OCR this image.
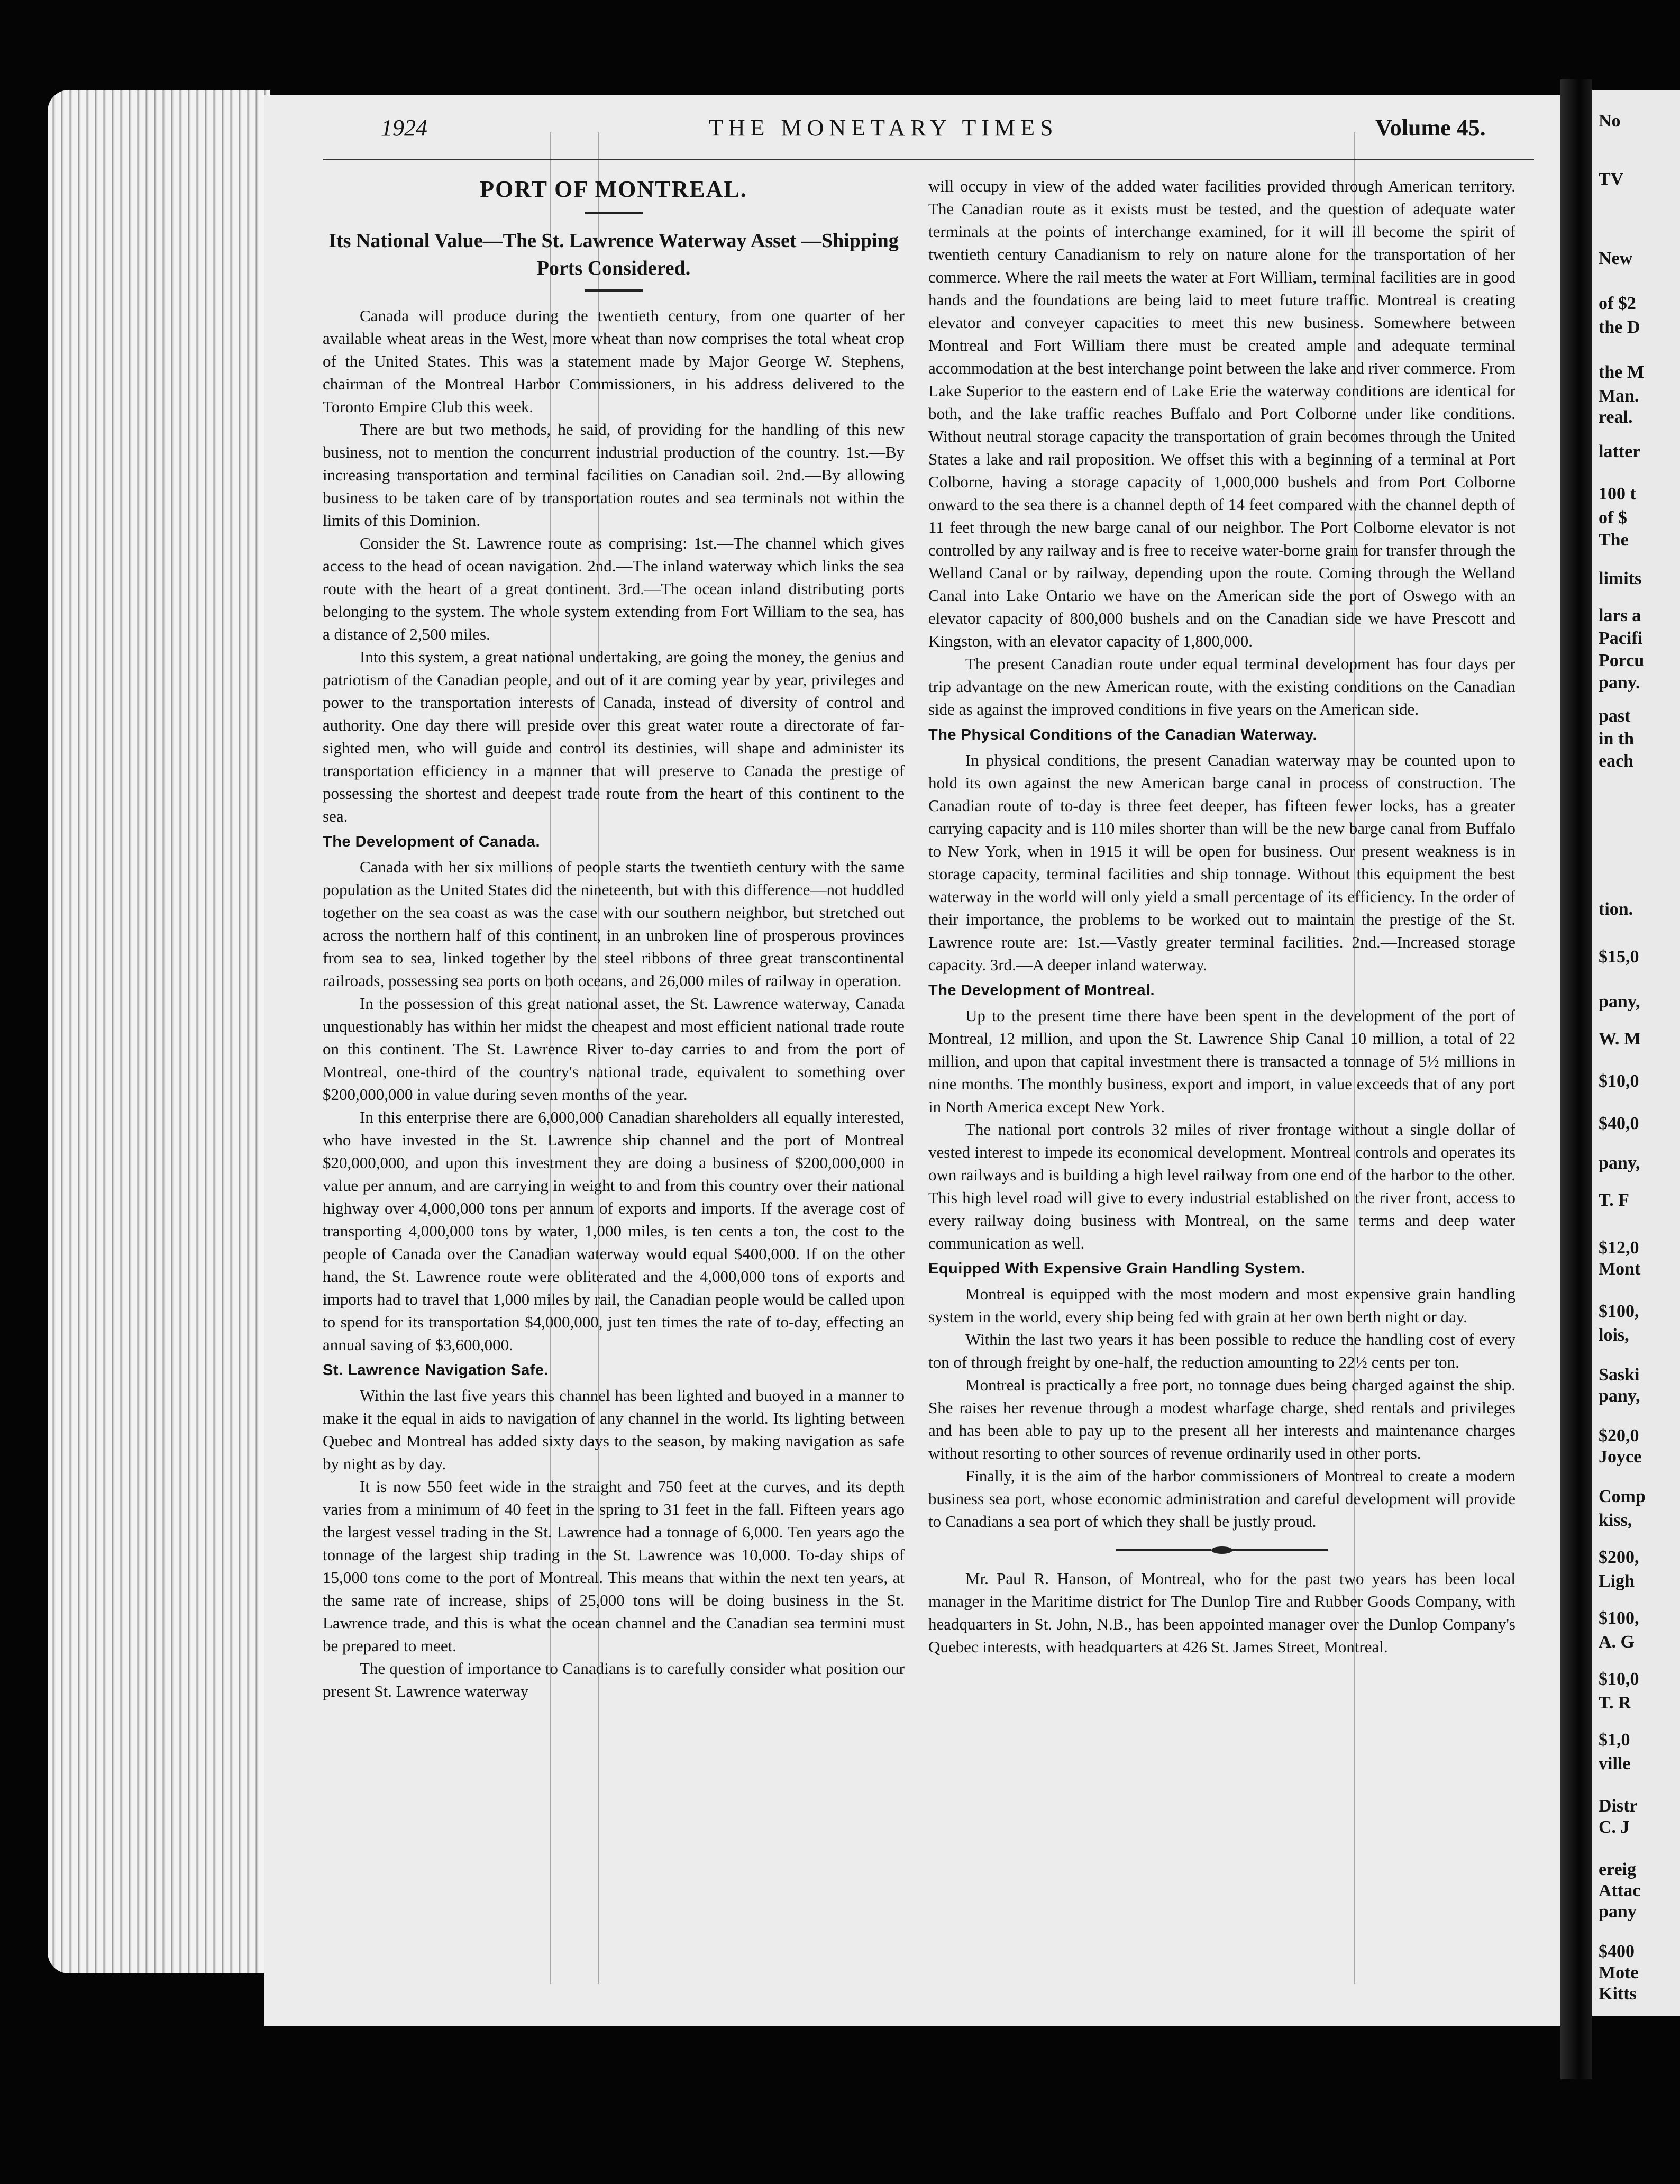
No
TV
New
of $2
the D
the M
Man.
real.
latter
100 t
of $
The
limits
lars a
Pacifi
Porcu
pany.
past
in th
each
tion.
$15,0
pany,
W. M
$10,0
$40,0
pany,
T. F
$12,0
Mont
$100,
lois,
Saski
pany,
$20,0
Joyce
Comp
kiss,
$200,
Ligh
$100,
A. G
$10,0
T. R
$1,0
ville
Distr
C. J
ereig
Attac
pany
$400
Mote
Kitts
1924	THE MONETARY TIMES	Volume 45.
PORT OF MONTREAL.
Its National Value—The St. Lawrence Waterway Asset —Shipping Ports Considered.

Canada will produce during the twentieth century, from one quarter of her available wheat areas in the West, more wheat than now comprises the total wheat crop of the United States. This was a statement made by Major George W. Stephens, chairman of the Montreal Harbor Commissioners, in his address delivered to the Toronto Empire Club this week.

There are but two methods, he said, of providing for the handling of this new business, not to mention the concurrent industrial production of the country. 1st.—By increasing transportation and terminal facilities on Canadian soil. 2nd.—By allowing business to be taken care of by transportation routes and sea terminals not within the limits of this Dominion.

Consider the St. Lawrence route as comprising: 1st.—The channel which gives access to the head of ocean navigation. 2nd.—The inland waterway which links the sea route with the heart of a great continent. 3rd.—The ocean inland distributing ports belonging to the system. The whole system extending from Fort William to the sea, has a distance of 2,500 miles.

Into this system, a great national undertaking, are going the money, the genius and patriotism of the Canadian people, and out of it are coming year by year, privileges and power to the transportation interests of Canada, instead of diversity of control and authority. One day there will preside over this great water route a directorate of far-sighted men, who will guide and control its destinies, will shape and administer its transportation efficiency in a manner that will preserve to Canada the prestige of possessing the shortest and deepest trade route from the heart of this continent to the sea.

The Development of Canada.

Canada with her six millions of people starts the twentieth century with the same population as the United States did the nineteenth, but with this difference—not huddled together on the sea coast as was the case with our southern neighbor, but stretched out across the northern half of this continent, in an unbroken line of prosperous provinces from sea to sea, linked together by the steel ribbons of three great transcontinental railroads, possessing sea ports on both oceans, and 26,000 miles of railway in operation.

In the possession of this great national asset, the St. Lawrence waterway, Canada unquestionably has within her midst the cheapest and most efficient national trade route on this continent. The St. Lawrence River to-day carries to and from the port of Montreal, one-third of the country's national trade, equivalent to something over $200,000,000 in value during seven months of the year.

In this enterprise there are 6,000,000 Canadian shareholders all equally interested, who have invested in the St. Lawrence ship channel and the port of Montreal $20,000,000, and upon this investment they are doing a business of $200,000,000 in value per annum, and are carrying in weight to and from this country over their national highway over 4,000,000 tons per annum of exports and imports. If the average cost of transporting 4,000,000 tons by water, 1,000 miles, is ten cents a ton, the cost to the people of Canada over the Canadian waterway would equal $400,000. If on the other hand, the St. Lawrence route were obliterated and the 4,000,000 tons of exports and imports had to travel that 1,000 miles by rail, the Canadian people would be called upon to spend for its transportation $4,000,000, just ten times the rate of to-day, effecting an annual saving of $3,600,000.

St. Lawrence Navigation Safe.

Within the last five years this channel has been lighted and buoyed in a manner to make it the equal in aids to navigation of any channel in the world. Its lighting between Quebec and Montreal has added sixty days to the season, by making navigation as safe by night as by day.

It is now 550 feet wide in the straight and 750 feet at the curves, and its depth varies from a minimum of 40 feet in the spring to 31 feet in the fall. Fifteen years ago the largest vessel trading in the St. Lawrence had a tonnage of 6,000. Ten years ago the tonnage of the largest ship trading in the St. Lawrence was 10,000. To-day ships of 15,000 tons come to the port of Montreal. This means that within the next ten years, at the same rate of increase, ships of 25,000 tons will be doing business in the St. Lawrence trade, and this is what the ocean channel and the Canadian sea termini must be prepared to meet.

The question of importance to Canadians is to carefully consider what position our present St. Lawrence waterway

will occupy in view of the added water facilities provided through American territory. The Canadian route as it exists must be tested, and the question of adequate water terminals at the points of interchange examined, for it will ill become the spirit of twentieth century Canadianism to rely on nature alone for the transportation of her commerce. Where the rail meets the water at Fort William, terminal facilities are in good hands and the foundations are being laid to meet future traffic. Montreal is creating elevator and conveyer capacities to meet this new business. Somewhere between Montreal and Fort William there must be created ample and adequate terminal accommodation at the best interchange point between the lake and river commerce. From Lake Superior to the eastern end of Lake Erie the waterway conditions are identical for both, and the lake traffic reaches Buffalo and Port Colborne under like conditions. Without neutral storage capacity the transportation of grain becomes through the United States a lake and rail proposition. We offset this with a beginning of a terminal at Port Colborne, having a storage capacity of 1,000,000 bushels and from Port Colborne onward to the sea there is a channel depth of 14 feet compared with the channel depth of 11 feet through the new barge canal of our neighbor. The Port Colborne elevator is not controlled by any railway and is free to receive water-borne grain for transfer through the Welland Canal or by railway, depending upon the route. Coming through the Welland Canal into Lake Ontario we have on the American side the port of Oswego with an elevator capacity of 800,000 bushels and on the Canadian side we have Prescott and Kingston, with an elevator capacity of 1,800,000.

The present Canadian route under equal terminal development has four days per trip advantage on the new American route, with the existing conditions on the Canadian side as against the improved conditions in five years on the American side.

The Physical Conditions of the Canadian Waterway.

In physical conditions, the present Canadian waterway may be counted upon to hold its own against the new American barge canal in process of construction. The Canadian route of to-day is three feet deeper, has fifteen fewer locks, has a greater carrying capacity and is 110 miles shorter than will be the new barge canal from Buffalo to New York, when in 1915 it will be open for business. Our present weakness is in storage capacity, terminal facilities and ship tonnage. Without this equipment the best waterway in the world will only yield a small percentage of its efficiency. In the order of their importance, the problems to be worked out to maintain the prestige of the St. Lawrence route are: 1st.—Vastly greater terminal facilities. 2nd.—Increased storage capacity. 3rd.—A deeper inland waterway.

The Development of Montreal.

Up to the present time there have been spent in the development of the port of Montreal, 12 million, and upon the St. Lawrence Ship Canal 10 million, a total of 22 million, and upon that capital investment there is transacted a tonnage of 5½ millions in nine months. The monthly business, export and import, in value exceeds that of any port in North America except New York.

The national port controls 32 miles of river frontage without a single dollar of vested interest to impede its economical development. Montreal controls and operates its own railways and is building a high level railway from one end of the harbor to the other. This high level road will give to every industrial established on the river front, access to every railway doing business with Montreal, on the same terms and deep water communication as well.

Equipped With Expensive Grain Handling System.

Montreal is equipped with the most modern and most expensive grain handling system in the world, every ship being fed with grain at her own berth night or day.

Within the last two years it has been possible to reduce the handling cost of every ton of through freight by one-half, the reduction amounting to 22½ cents per ton.

Montreal is practically a free port, no tonnage dues being charged against the ship. She raises her revenue through a modest wharfage charge, shed rentals and privileges and has been able to pay up to the present all her interests and maintenance charges without resorting to other sources of revenue ordinarily used in other ports.

Finally, it is the aim of the harbor commissioners of Montreal to create a modern business sea port, whose economic administration and careful development will provide to Canadians a sea port of which they shall be justly proud.

Mr. Paul R. Hanson, of Montreal, who for the past two years has been local manager in the Maritime district for The Dunlop Tire and Rubber Goods Company, with headquarters in St. John, N.B., has been appointed manager over the Dunlop Company's Quebec interests, with headquarters at 426 St. James Street, Montreal.
